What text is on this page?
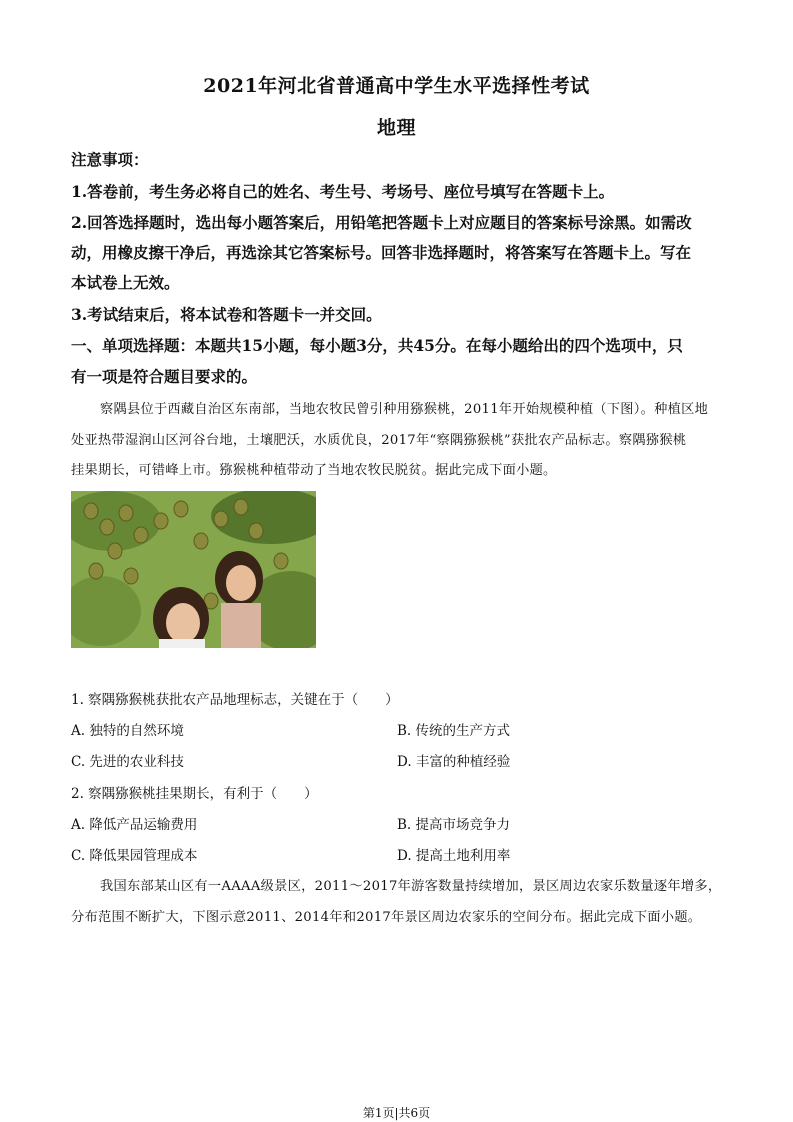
2021年河北省普通高中学生水平选择性考试
地理
注意事项：
1.答卷前，考生务必将自己的姓名、考生号、考场号、座位号填写在答题卡上。
2.回答选择题时，选出每小题答案后，用铅笔把答题卡上对应题目的答案标号涂黑。如需改
动，用橡皮擦干净后，再选涂其它答案标号。回答非选择题时，将答案写在答题卡上。写在
本试卷上无效。
3.考试结束后，将本试卷和答题卡一并交回。
一、单项选择题：本题共15小题，每小题3分，共45分。在每小题给出的四个选项中，只
有一项是符合题目要求的。
察隅县位于西藏自治区东南部，当地农牧民曾引种用猕猴桃，2011年开始规模种植（下图）。种植区地
处亚热带湿润山区河谷台地，土壤肥沃，水质优良，2017年“察隅猕猴桃”获批农产品标志。察隅猕猴桃
挂果期长，可错峰上市。猕猴桃种植带动了当地农牧民脱贫。据此完成下面小题。
1. 察隅猕猴桃获批农产品地理标志，关键在于（　　）
A. 独特的自然环境	B. 传统的生产方式
C. 先进的农业科技	D. 丰富的种植经验
2. 察隅猕猴桃挂果期长，有利于（　　）
A. 降低产品运输费用	B. 提高市场竞争力
C. 降低果园管理成本	D. 提高土地利用率
我国东部某山区有一AAAA级景区，2011～2017年游客数量持续增加，景区周边农家乐数量逐年增多，
分布范围不断扩大，下图示意2011、2014年和2017年景区周边农家乐的空间分布。据此完成下面小题。
第1页|共6页
